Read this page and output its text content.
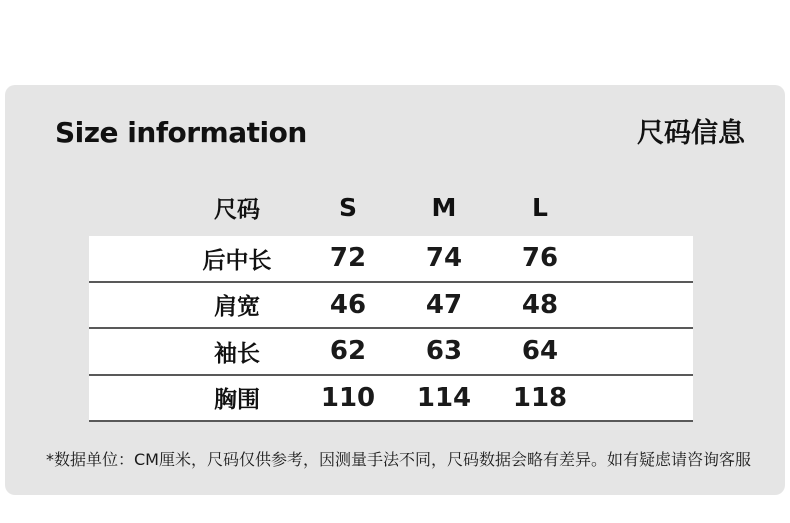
Size information	尺码信息
尺码	S	M	L
后中长	72	74	76
肩宽	46	47	48
袖长	62	63	64
胸围	110	114	118
*数据单位：CM厘米，尺码仅供参考，因测量手法不同，尺码数据会略有差异。如有疑虑请咨询客服
